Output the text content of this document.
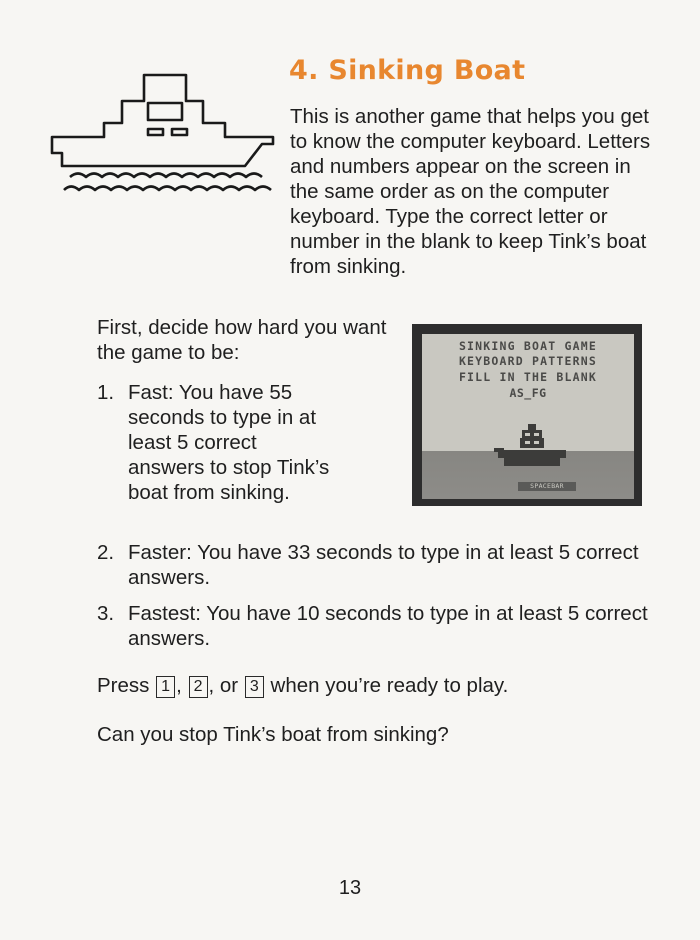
4. Sinking Boat

This is another game that helps you get to know the computer keyboard. Letters and numbers appear on the screen in the same order as on the computer keyboard. Type the correct letter or number in the blank to keep Tink’s boat from sinking.

First, decide how hard you want the game to be:

1. Fast: You have 55 seconds to type in at least 5 correct answers to stop Tink’s boat from sinking.
SINKING BOAT GAME
KEYBOARD PATTERNS
FILL IN THE BLANK
AS_FG
SPACEBAR
2. Faster: You have 33 seconds to type in at least 5 correct answers.
3. Fastest: You have 10 seconds to type in at least 5 correct answers.

Press 1 , 2 , or 3 when you’re ready to play.

Can you stop Tink’s boat from sinking?

13
